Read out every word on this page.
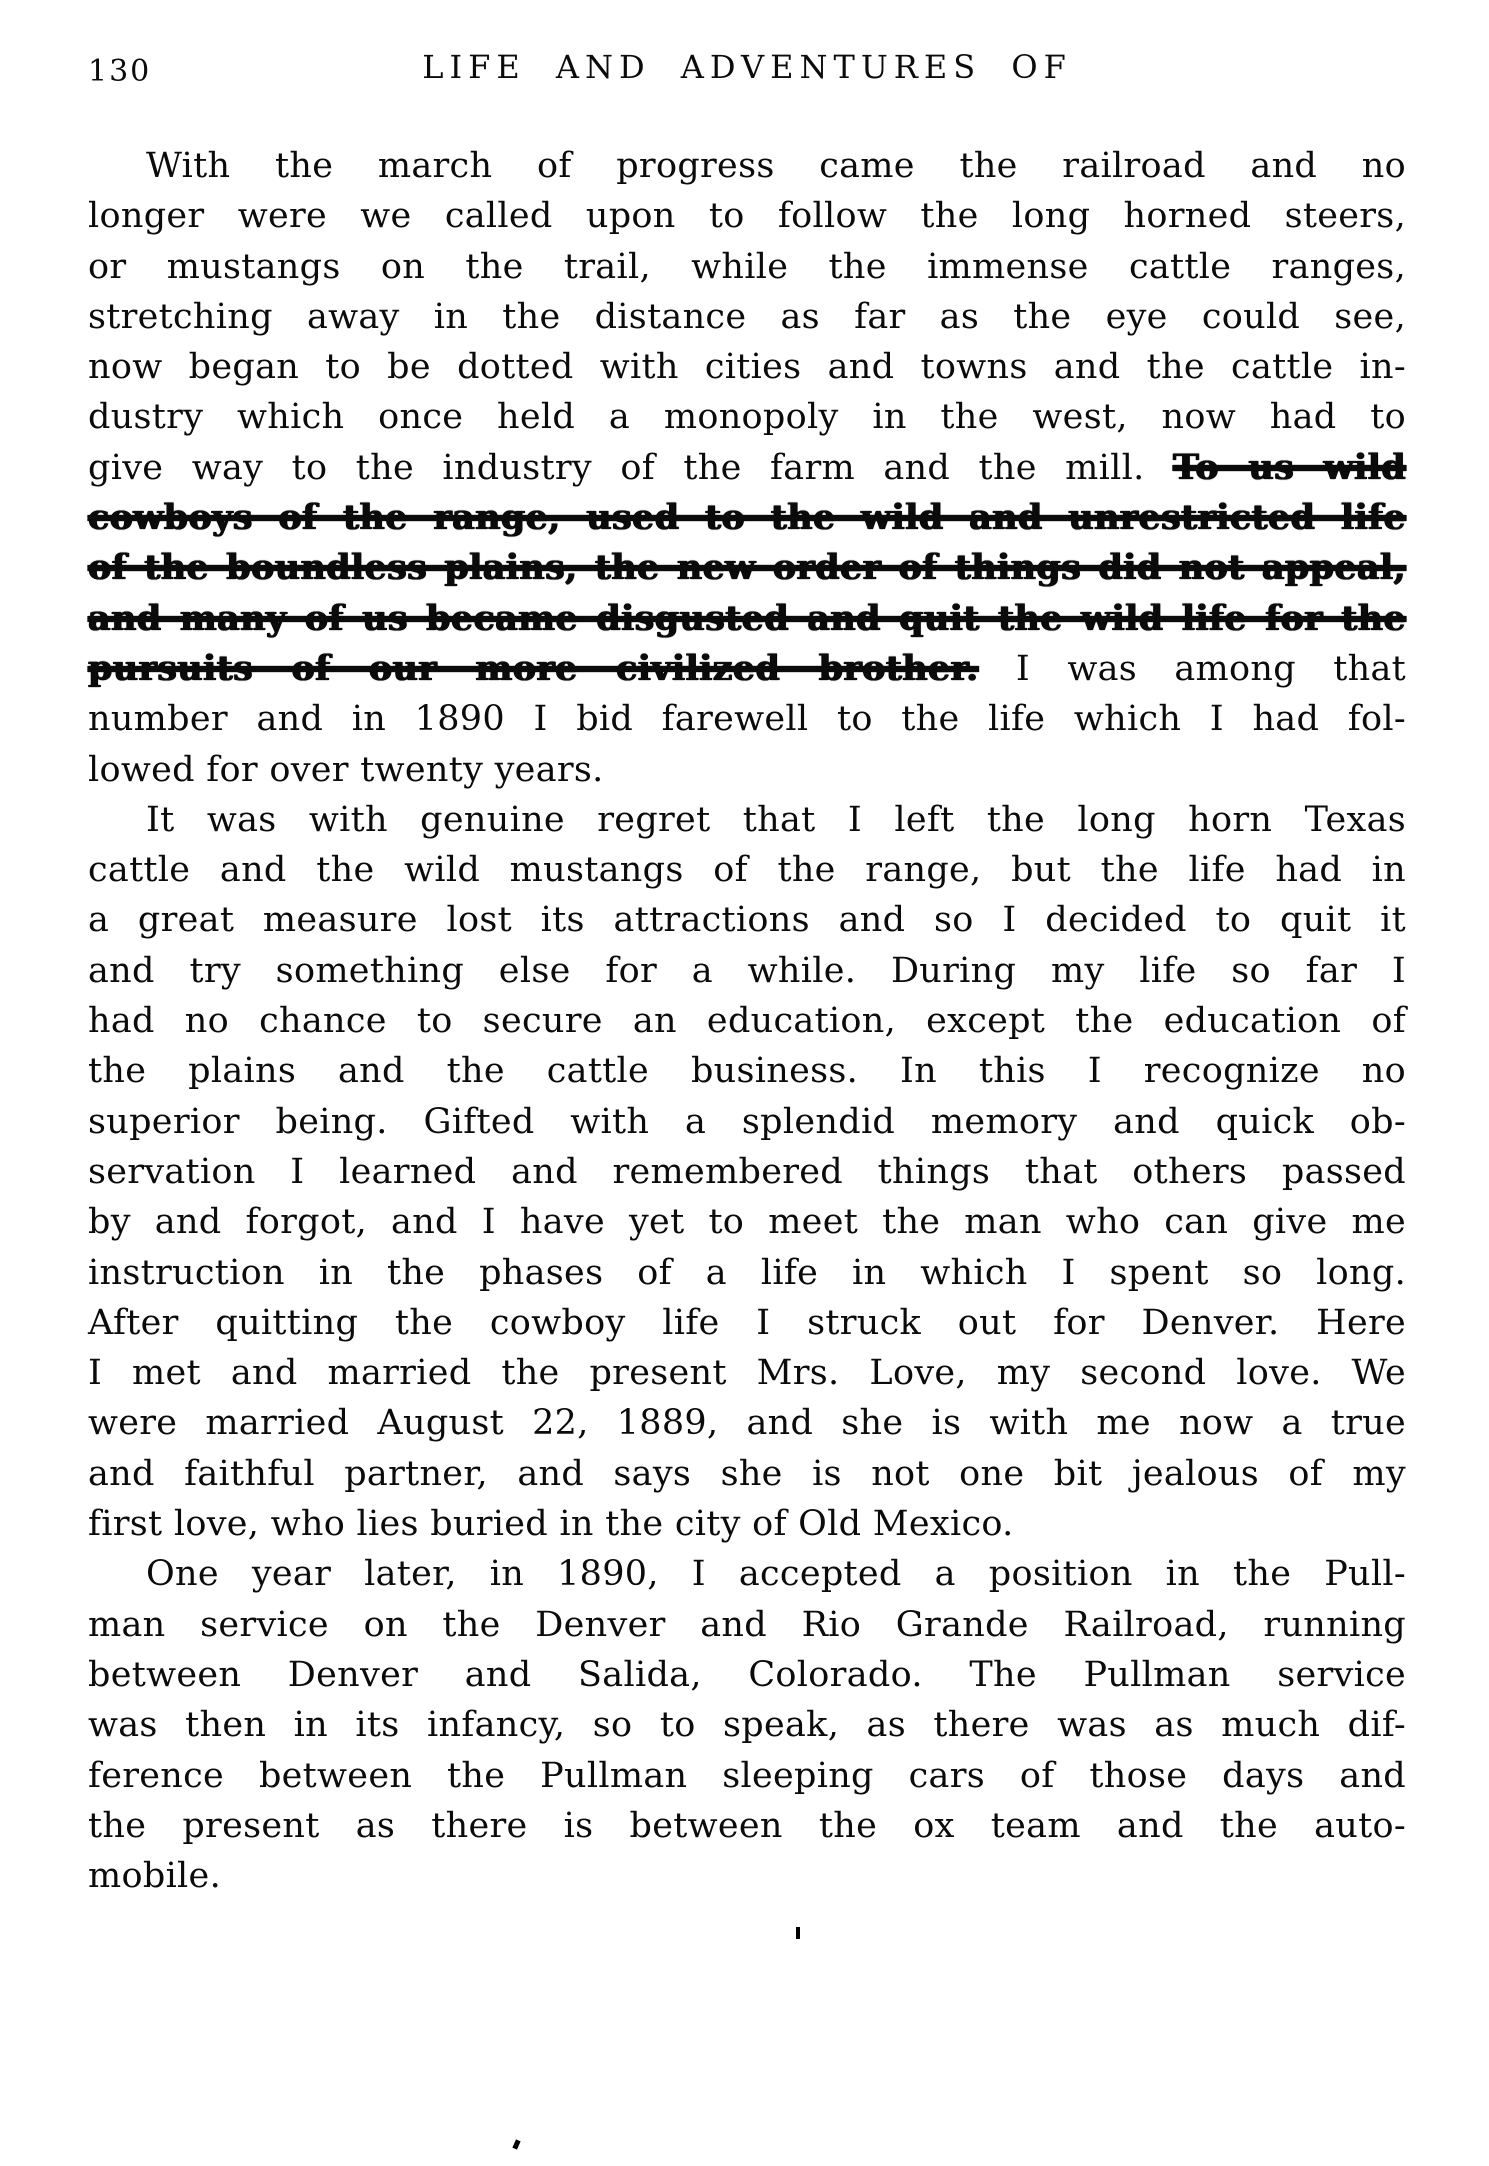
130	LIFE AND ADVENTURES OF
With the march of progress came the railroad and no
longer were we called upon to follow the long horned steers,
or mustangs on the trail, while the immense cattle ranges,
stretching away in the distance as far as the eye could see,
now began to be dotted with cities and towns and the cattle in-
dustry which once held a monopoly in the west, now had to
give way to the industry of the farm and the mill. To us wild
cowboys of the range, used to the wild and unrestricted life
of the boundless plains, the new order of things did not appeal,
and many of us became disgusted and quit the wild life for the
pursuits of our more civilized brother. I was among that
number and in 1890 I bid farewell to the life which I had fol-
lowed for over twenty years.
It was with genuine regret that I left the long horn Texas
cattle and the wild mustangs of the range, but the life had in
a great measure lost its attractions and so I decided to quit it
and try something else for a while. During my life so far I
had no chance to secure an education, except the education of
the plains and the cattle business. In this I recognize no
superior being. Gifted with a splendid memory and quick ob-
servation I learned and remembered things that others passed
by and forgot, and I have yet to meet the man who can give me
instruction in the phases of a life in which I spent so long.
After quitting the cowboy life I struck out for Denver. Here
I met and married the present Mrs. Love, my second love. We
were married August 22, 1889, and she is with me now a true
and faithful partner, and says she is not one bit jealous of my
first love, who lies buried in the city of Old Mexico.
One year later, in 1890, I accepted a position in the Pull-
man service on the Denver and Rio Grande Railroad, running
between Denver and Salida, Colorado. The Pullman service
was then in its infancy, so to speak, as there was as much dif-
ference between the Pullman sleeping cars of those days and
the present as there is between the ox team and the auto-
mobile.
